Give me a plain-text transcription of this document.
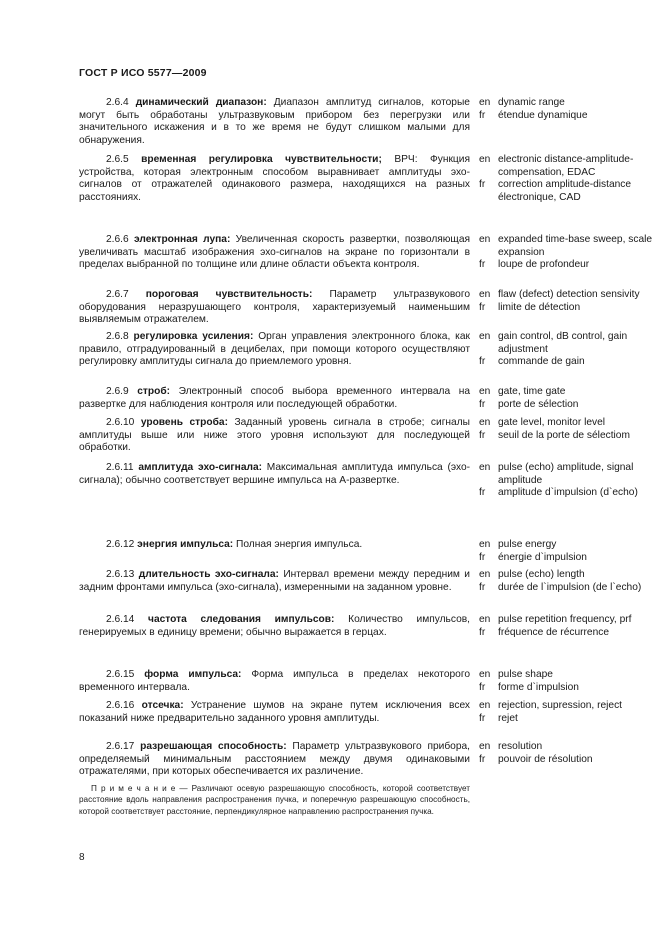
ГОСТ Р ИСО 5577—2009
2.6.4 динамический диапазон: Диапазон амплитуд сигналов, которые могут быть обработаны ультразвуковым прибором без перегрузки или значительного искажения и в то же время не будут слишком малыми для обнаружения.
en dynamic range
fr	étendue dynamique
2.6.5 временная регулировка чувствительности; ВРЧ: Функция устройства, которая электронным способом выравнивает амплитуды эхо-сигналов от отражателей одинакового размера, находящихся на разных расстояниях.
en electronic distance-amplitude-compensation, EDAC
fr	correction amplitude-distance électronique, CAD
2.6.6 электронная лупа: Увеличенная скорость развертки, позволяющая увеличивать масштаб изображения эхо-сигналов на экране по горизонтали в пределах выбранной по толщине или длине области объекта контроля.
en expanded time-base sweep, scale expansion
fr	loupe de profondeur
2.6.7 пороговая чувствительность: Параметр ультразвукового оборудования неразрушающего контроля, характеризуемый наименьшим выявляемым отражателем.
en flaw (defect) detection sensivity
fr	limite de détection
2.6.8 регулировка усиления: Орган управления электронного блока, как правило, отградуированный в децибелах, при помощи которого осуществляют регулировку амплитуды сигнала до приемлемого уровня.
en gain control, dB control, gain adjustment
fr	commande de gain
2.6.9 строб: Электронный способ выбора временного интервала на развертке для наблюдения контроля или последующей обработки.
en gate, time gate
fr	porte de sélection
2.6.10 уровень строба: Заданный уровень сигнала в стробе; сигналы амплитуды выше или ниже этого уровня используют для последующей обработки.
en gate level, monitor level
fr	seuil de la porte de sélectiom
2.6.11 амплитуда эхо-сигнала: Максимальная амплитуда импульса (эхо-сигнала); обычно соответствует вершине импульса на А-развертке.
en pulse (echo) amplitude, signal amplitude
fr	amplitude d`impulsion (d`echo)
2.6.12 энергия импульса: Полная энергия импульса.	en pulse energy
fr	énergie d`impulsion
2.6.13 длительность эхо-сигнала: Интервал времени между передним и задним фронтами импульса (эхо-сигнала), измеренными на заданном уровне.
en pulse (echo) length
fr	durée de l`impulsion (de l`echo)
2.6.14 частота следования импульсов: Количество импульсов, генерируемых в единицу времени; обычно выражается в герцах.
en pulse repetition frequency, prf
fr	fréquence de récurrence
2.6.15 форма импульса: Форма импульса в пределах некоторого временного интервала.
en pulse shape
fr	forme d`impulsion
2.6.16 отсечка: Устранение шумов на экране путем исключения всех показаний ниже предварительно заданного уровня амплитуды.
en rejection, supression, reject
fr	rejet
2.6.17 разрешающая способность: Параметр ультразвукового прибора, определяемый минимальным расстоянием между двумя одинаковыми отражателями, при которых обеспечивается их различение.
en resolution
fr	pouvoir de résolution
П р и м е ч а н и е — Различают осевую разрешающую способность, которой соответствует расстояние вдоль направления распространения пучка, и поперечную разрешающую способность, которой соответствует расстояние, перпендикулярное направлению распространения пучка.
8
